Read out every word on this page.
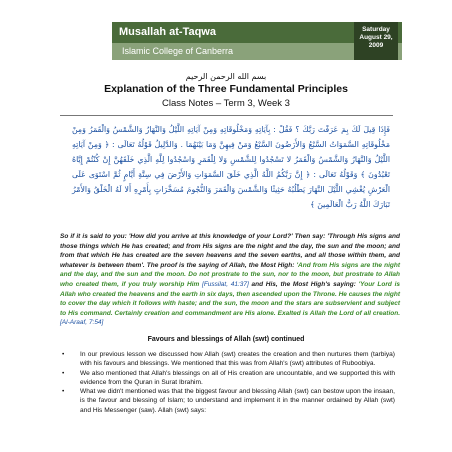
Musallah at-Taqwa
Islamic College of Canberra
Saturday
August 29,
2009
بسم الله الرحمن الرحيم
Explanation of the Three Fundamental Principles
Class Notes – Term 3, Week 3
فَإِذَا قِيلَ لَكَ بِمَ عَرَفْتَ رَبَّكَ ؟ فَقُلْ : بِآيَاتِهِ وَمَخْلُوقَاتِهِ وَمِنْ آيَاتِهِ اللَّيْلُ وَالنَّهَارُ وَالشَّمْسُ وَالْقَمَرُ وَمِنْ مَخْلُوقَاتِهِ السَّمَوَاتُ السَّبْعُ وَالأَرَضُونَ السَّبْعُ وَمَنْ فِيهِنَّ وَمَا بَيْنَهُمَا . وَالدَّلِيلُ قَوْلُهُ تَعَالَى : ﴿ وَمِنْ آيَاتِهِ اللَّيْلُ وَالنَّهَارُ وَالشَّمْسُ وَالْقَمَرُ لا تَسْجُدُوا لِلشَّمْسِ وَلا لِلْقَمَرِ وَاسْجُدُوا لِلَّهِ الَّذِي خَلَقَهُنَّ إِنْ كُنْتُمْ إِيَّاهُ تَعْبُدُونَ ﴾ وَقَوْلُهُ تَعَالَى : ﴿ إِنَّ رَبَّكُمُ اللَّهُ الَّذِي خَلَقَ السَّمَوَاتِ وَالأَرْضَ فِي سِتَّةِ أَيَّامٍ ثُمَّ اسْتَوَى عَلَى الْعَرْشِ يُغْشِي اللَّيْلَ النَّهَارَ يَطْلُبُهُ حَثِيثًا وَالشَّمْسَ وَالْقَمَرَ وَالنُّجُومَ مُسَخَّرَاتٍ بِأَمْرِهِ أَلا لَهُ الْخَلْقُ وَالأَمْرُ تَبَارَكَ اللَّهُ رَبُّ الْعَالَمِينَ ﴾
So if it is said to you: 'How did you arrive at this knowledge of your Lord?' Then say: 'Through His signs and those things which He has created; and from His signs are the night and the day, the sun and the moon; and from that which He has created are the seven heavens and the seven earths, and all those within them, and whatever is between them'. The proof is the saying of Allah, the Most High: 'And from His signs are the night and the day, and the sun and the moon. Do not prostrate to the sun, nor to the moon, but prostrate to Allah who created them, if you truly worship Him [Fussilat, 41:37] and His, the Most High's saying: 'Your Lord is Allah who created the heavens and the earth in six days, then ascended upon the Throne. He causes the night to cover the day which it follows with haste; and the sun, the moon and the stars are subservient and subject to His command. Certainly creation and commandment are His alone. Exalted is Allah the Lord of all creation. [Al-Araaf, 7:54]
Favours and blessings of Allah (swt) continued
• In our previous lesson we discussed how Allah (swt) creates the creation and then nurtures them (tarbiya) with his favours and blessings. We mentioned that this was from Allah's (swt) attributes of Ruboobiya.
• We also mentioned that Allah's blessings on all of His creation are uncountable, and we supported this with evidence from the Quran in Surat Ibrahim.
• What we didn't mentioned was that the biggest favour and blessing Allah (swt) can bestow upon the insaan, is the favour and blessing of Islam; to understand and implement it in the manner ordained by Allah (swt) and His Messenger (saw). Allah (swt) says:
